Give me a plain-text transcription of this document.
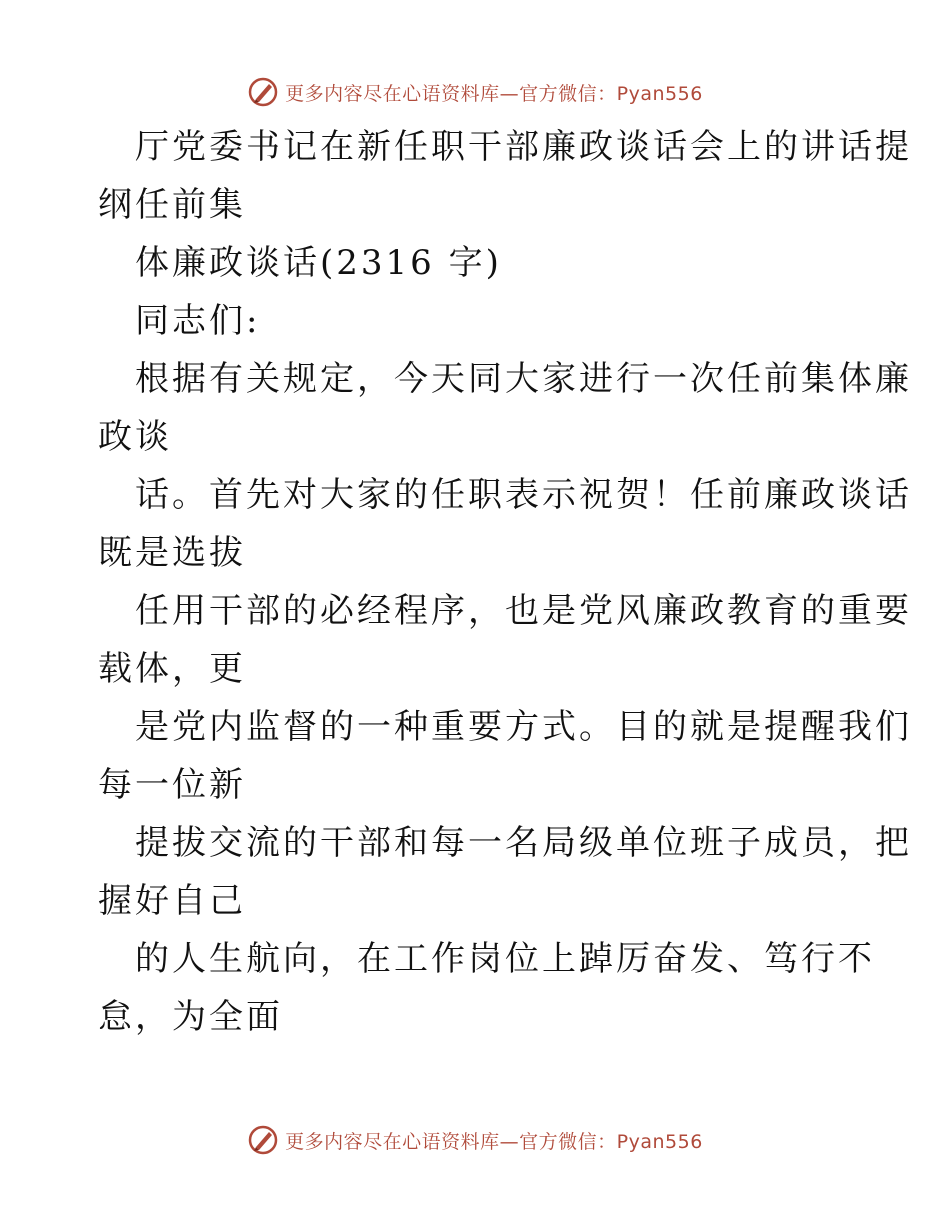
更多内容尽在心语资料库—官方微信：Pyan556
厅党委书记在新任职干部廉政谈话会上的讲话提
纲任前集
体廉政谈话(2316 字)
同志们:
根据有关规定，今天同大家进行一次任前集体廉
政谈
话。首先对大家的任职表示祝贺！任前廉政谈话
既是选拔
任用干部的必经程序，也是党风廉政教育的重要
载体，更
是党内监督的一种重要方式。目的就是提醒我们
每一位新
提拔交流的干部和每一名局级单位班子成员，把
握好自己
的人生航向，在工作岗位上踔厉奋发、笃行不
怠，为全面
更多内容尽在心语资料库—官方微信：Pyan556
